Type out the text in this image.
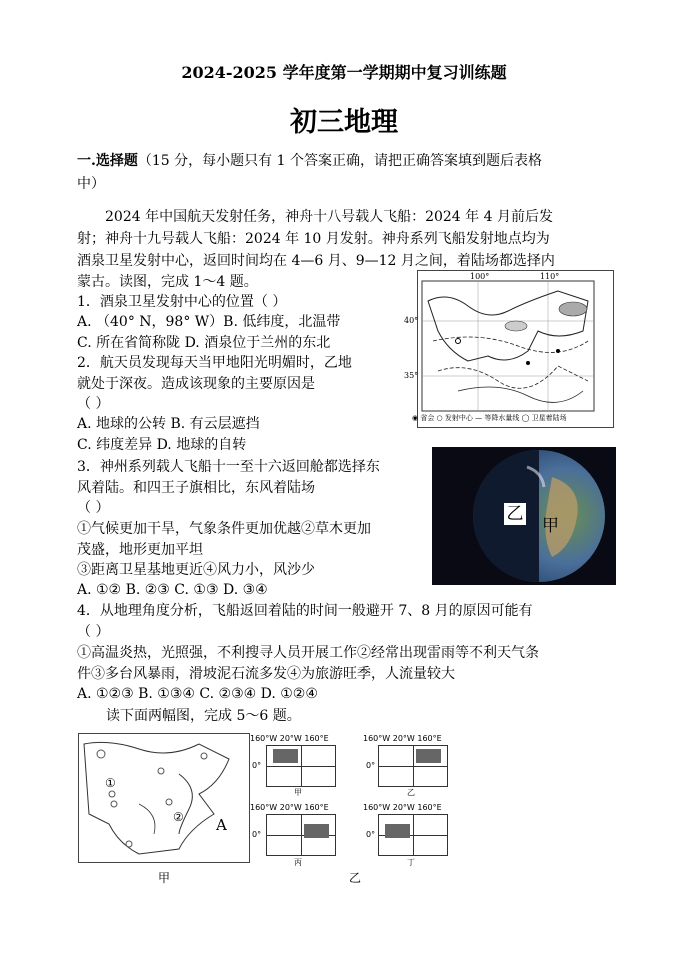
2024-2025 学年度第一学期期中复习训练题
初三地理
一.选择题（15 分，每小题只有 1 个答案正确，请把正确答案填到题后表格
中）
2024 年中国航天发射任务，神舟十八号载人飞船：2024 年 4 月前后发
射；神舟十九号载人飞船：2024 年 10 月发射。神舟系列飞船发射地点均为
酒泉卫星发射中心，返回时间均在 4—6 月、9—12 月之间，着陆场都选择内
蒙古。读图，完成 1～4 题。
1．酒泉卫星发射中心的位置（ ）
A. （40° N，98° W）B. 低纬度，北温带
C. 所在省简称陇 D. 酒泉位于兰州的东北
2．航天员发现每天当甲地阳光明媚时，乙地
就处于深夜。造成该现象的主要原因是
（ ）
A. 地球的公转 B. 有云层遮挡
C. 纬度差异 D. 地球的自转
3．神州系列载人飞船十一至十六返回舱都选择东
风着陆。和四王子旗相比，东风着陆场
（ ）
①气候更加干旱，气象条件更加优越②草木更加
茂盛，地形更加平坦
③距离卫星基地更近④风力小，风沙少
A. ①② B. ②③ C. ①③ D. ③④
4．从地理角度分析，飞船返回着陆的时间一般避开 7、8 月的原因可能有
（ ）
①高温炎热，光照强，不利搜寻人员开展工作②经常出现雷雨等不利天气条
件③多台风暴雨，滑坡泥石流多发④为旅游旺季，人流量较大
A. ①②③ B. ①③④ C. ②③④ D. ①②④
读下面两幅图，完成 5～6 题。
100°	110°
40°
35°
◉ 省会 ○ 发射中心 — 等降水量线 ◯ 卫星着陆场
乙
甲
A
①
②
甲
160°W 20°W 160°E
0°
甲
160°W 20°W 160°E
0°
乙
160°W 20°W 160°E
0°
丙
160°W 20°W 160°E
0°
丁
乙
